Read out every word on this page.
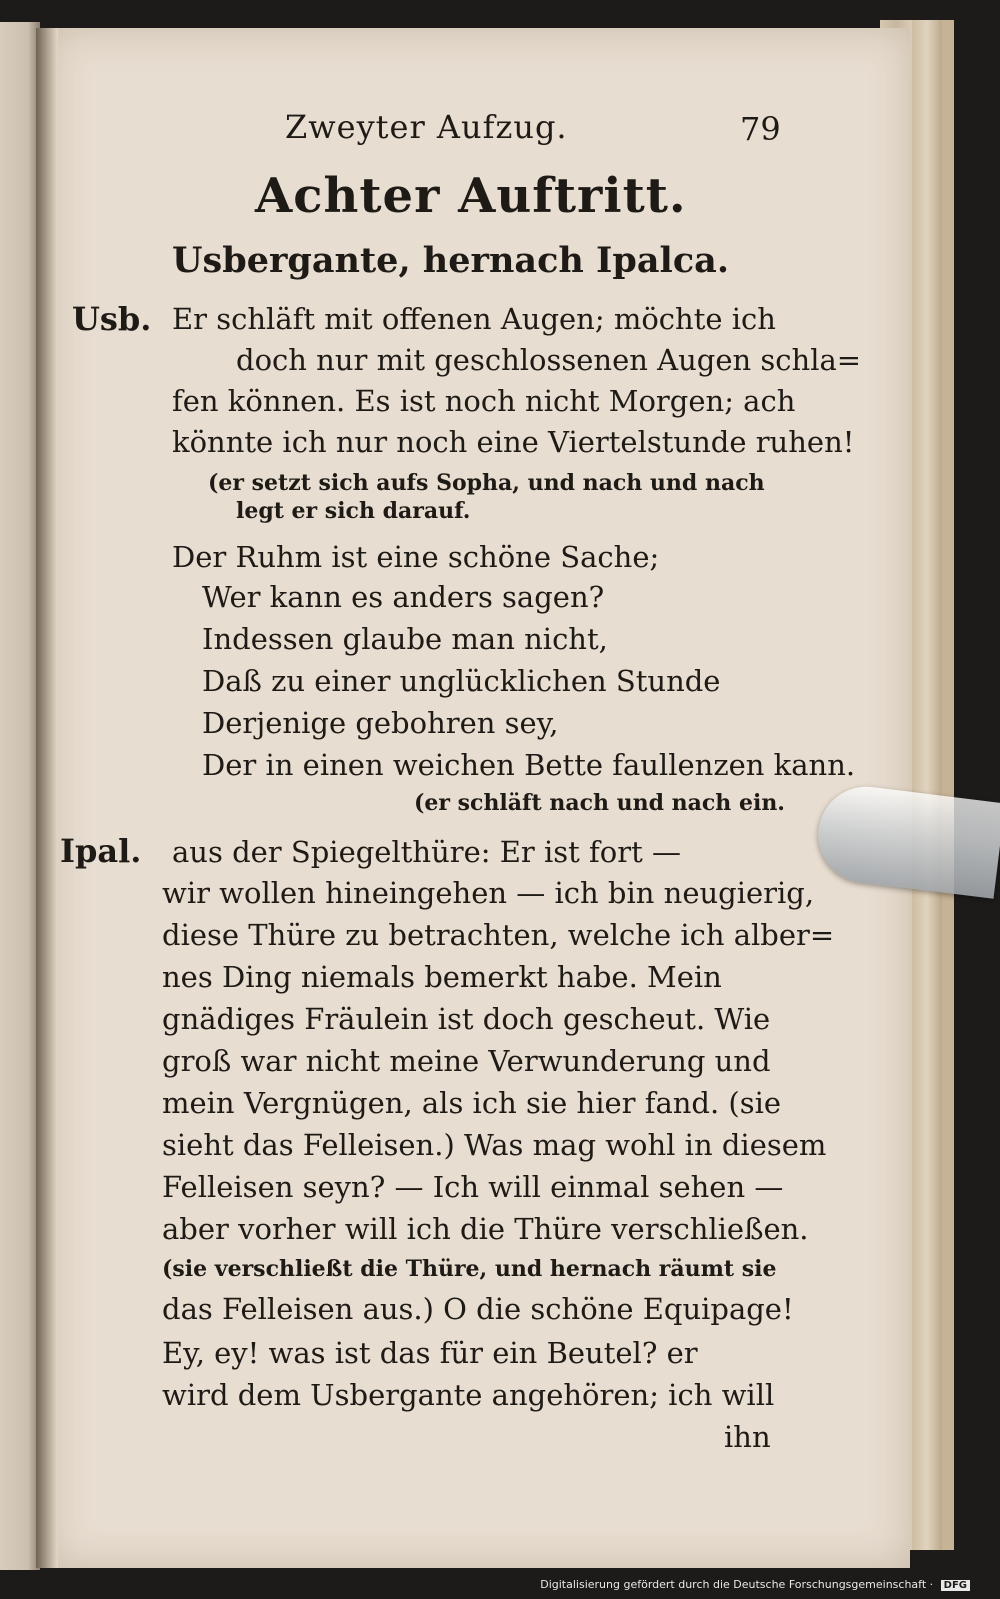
Zweyter Aufzug.	79
Achter Auftritt.
Usbergante, hernach Ipalca.
Usb. Er schläft mit offenen Augen; möchte ich
doch nur mit geschlossenen Augen schla=
fen können. Es ist noch nicht Morgen; ach
könnte ich nur noch eine Viertelstunde ruhen!
(er setzt sich aufs Sopha, und nach und nach
legt er sich darauf.
Der Ruhm ist eine schöne Sache;
Wer kann es anders sagen?
Indessen glaube man nicht,
Daß zu einer unglücklichen Stunde
Derjenige gebohren sey,
Der in einen weichen Bette faullenzen kann.
(er schläft nach und nach ein.
Ipal. aus der Spiegelthüre: Er ist fort —
wir wollen hineingehen — ich bin neugierig,
diese Thüre zu betrachten, welche ich alber=
nes Ding niemals bemerkt habe. Mein
gnädiges Fräulein ist doch gescheut. Wie
groß war nicht meine Verwunderung und
mein Vergnügen, als ich sie hier fand. (sie
sieht das Felleisen.) Was mag wohl in diesem
Felleisen seyn? — Ich will einmal sehen —
aber vorher will ich die Thüre verschließen.
(sie verschließt die Thüre, und hernach räumt sie
das Felleisen aus.) O die schöne Equipage!
Ey, ey! was ist das für ein Beutel? er
wird dem Usbergante angehören; ich will
ihn
Digitalisierung gefördert durch die Deutsche Forschungsgemeinschaft · DFG
